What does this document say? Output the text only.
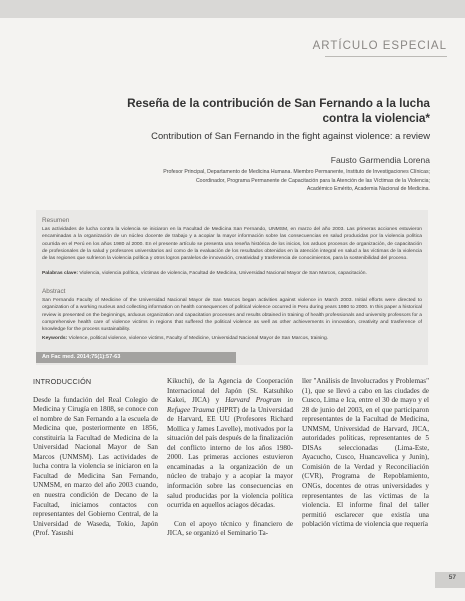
ARTÍCULO ESPECIAL
Reseña de la contribución de San Fernando a la lucha
contra la violencia*
Contribution of San Fernando in the fight against violence: a review
Fausto Garmendia Lorena
Profesor Principal, Departamento de Medicina Humana. Miembro Permanente, Instituto de Investigaciones Clínicas;
Coordinador, Programa Permanente de Capacitación para la Atención de las Víctimas de la Violencia;
Académico Emérito, Academia Nacional de Medicina.
Resumen
Las actividades de lucha contra la violencia se iniciaron en la Facultad de Medicina San Fernando, UNMSM, en marzo del año 2003. Las primeras acciones estuvieron encaminadas a la organización de un núcleo docente de trabajo y a acopiar la mayor información sobre las consecuencias en salud producidas por la violencia política ocurrida en el Perú en los años 1980 al 2000. En el presente artículo se presenta una reseña histórica de los inicios, los arduos procesos de organización, de capacitación de profesionales de la salud y profesores universitarios así como de la evaluación de los resultados obtenidos en la atención integral en salud a las víctimas de la violencia de las regiones que sufrieron la violencia política y otros logros paralelos de innovación, creatividad y trasferencia de conocimientos, para la sostenibilidad del proceso.
Palabras clave: Violencia, violencia política, víctimas de violencia, Facultad de Medicina, Universidad Nacional Mayor de San Marcos, capacitación.
Abstract
San Fernando Faculty of Medicine of the Universidad Nacional Mayor de San Marcos began activities against violence in March 2003. Initial efforts were directed to organization of a working nucleus and collecting information on health consequences of political violence occurred in Peru during years 1980 to 2000. In this paper a historical review is presented on the beginnings, arduous organization and capacitation processes and results obtained in training of health professionals and university professors for a comprehensive health care of violence victims in regions that suffered the political violence as well as other achievements in innovation, creativity and trasference of knowledge for the process sustainability.
Keywords: Violence, political violence, violence victims, Faculty of Medicine, Universidad Nacional Mayor de San Marcos, training.
An Fac med. 2014;75(1):57-63
INTRODUCCIÓN

Desde la fundación del Real Colegio de Medicina y Cirugía en 1808, se conoce con el nombre de San Fernando a la escuela de Medicina que, posteriormente en 1856, constituiría la Facultad de Medicina de la Universidad Nacional Mayor de San Marcos (UNMSM). Las actividades de lucha contra la violencia se iniciaron en la Facultad de Medicina San Fernando, UNMSM, en marzo del año 2003 cuando, en nuestra condición de Decano de la Facultad, iniciamos contactos con representantes del Gobierno Central, de la Universidad de Waseda, Tokio, Japón (Prof. Yasushi

Kikuchi), de la Agencia de Cooperación Internacional del Japón (St. Katsuhiko Kakei, JICA) y Harvard Program in Refugee Trauma (HPRT) de la Universidad de Harvard, EE UU (Profesores Richard Mollica y James Lavelle), motivados por la situación del país después de la finalización del conflicto interno de los años 1980-2000. Las primeras acciones estuvieron encaminadas a la organización de un núcleo de trabajo y a acopiar la mayor información sobre las consecuencias en salud producidas por la violencia política ocurrida en aquellos aciagos décadas.

Con el apoyo técnico y financiero de JICA, se organizó el Seminario Ta-

ller "Análisis de Involucrados y Problemas" (1), que se llevó a cabo en las ciudades de Cusco, Lima e Ica, entre el 30 de mayo y el 28 de junio del 2003, en el que participaron representantes de la Facultad de Medicina, UNMSM, Universidad de Harvard, JICA, autoridades políticas, representantes de 5 DISAs seleccionadas (Lima-Este, Ayacucho, Cusco, Huancavelica y Junín), Comisión de la Verdad y Reconciliación (CVR), Programa de Repoblamiento, ONGs, docentes de otras universidades y representantes de las víctimas de la violencia. El informe final del taller permitió esclarecer que existía una población víctima de violencia que requería

57
